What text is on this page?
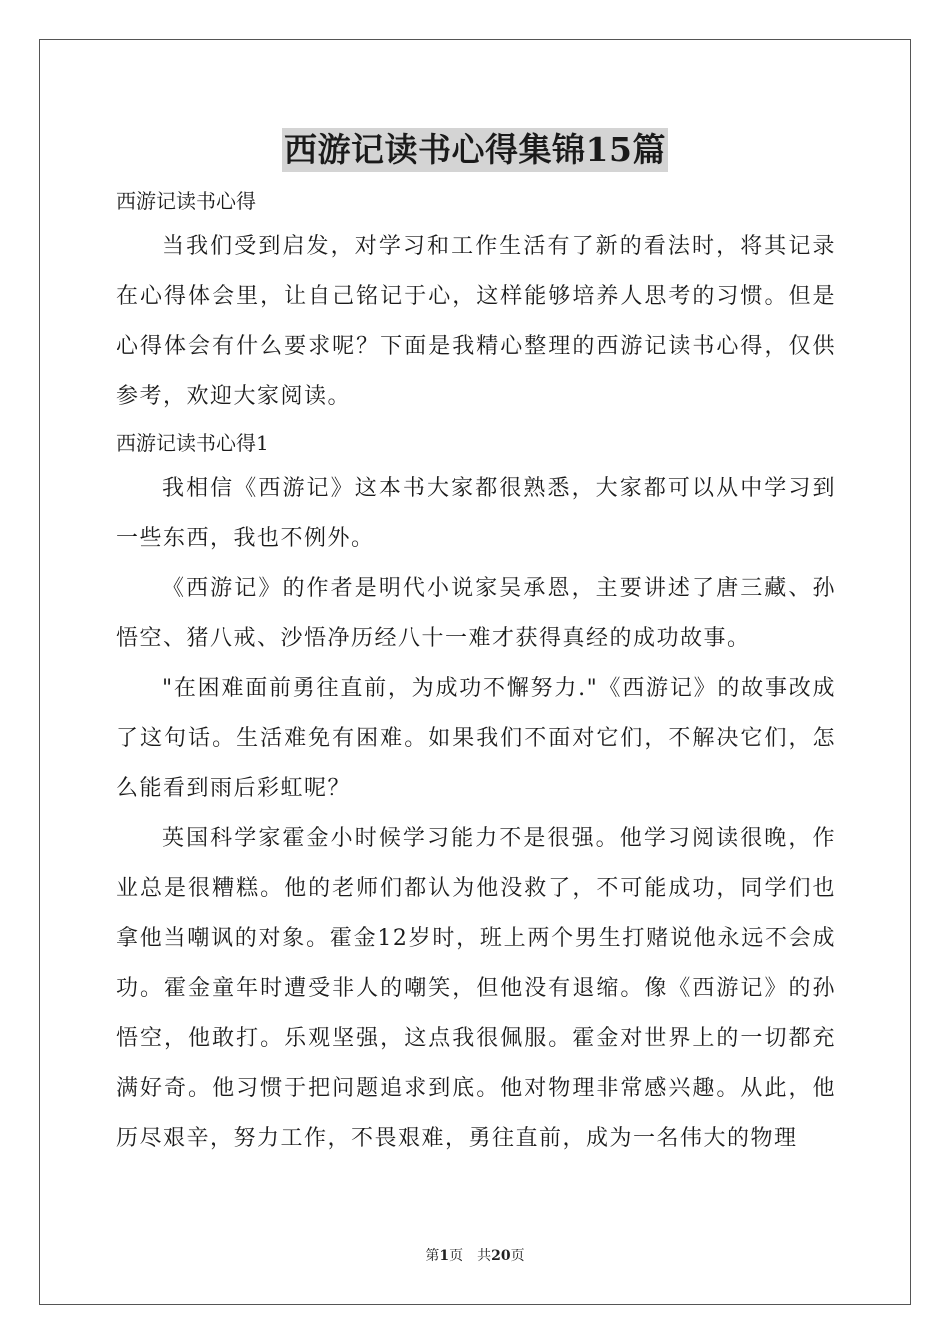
西游记读书心得集锦15篇

西游记读书心得

当我们受到启发，对学习和工作生活有了新的看法时，将其记录在心得体会里，让自己铭记于心，这样能够培养人思考的习惯。但是心得体会有什么要求呢？下面是我精心整理的西游记读书心得，仅供参考，欢迎大家阅读。

西游记读书心得1

我相信《西游记》这本书大家都很熟悉，大家都可以从中学习到一些东西，我也不例外。

《西游记》的作者是明代小说家吴承恩，主要讲述了唐三藏、孙悟空、猪八戒、沙悟净历经八十一难才获得真经的成功故事。

"在困难面前勇往直前，为成功不懈努力."《西游记》的故事改成了这句话。生活难免有困难。如果我们不面对它们，不解决它们，怎么能看到雨后彩虹呢？

英国科学家霍金小时候学习能力不是很强。他学习阅读很晚，作业总是很糟糕。他的老师们都认为他没救了，不可能成功，同学们也拿他当嘲讽的对象。霍金12岁时，班上两个男生打赌说他永远不会成功。霍金童年时遭受非人的嘲笑，但他没有退缩。像《西游记》的孙悟空，他敢打。乐观坚强，这点我很佩服。霍金对世界上的一切都充满好奇。他习惯于把问题追求到底。他对物理非常感兴趣。从此，他历尽艰辛，努力工作，不畏艰难，勇往直前，成为一名伟大的物理

第1页　共20页
